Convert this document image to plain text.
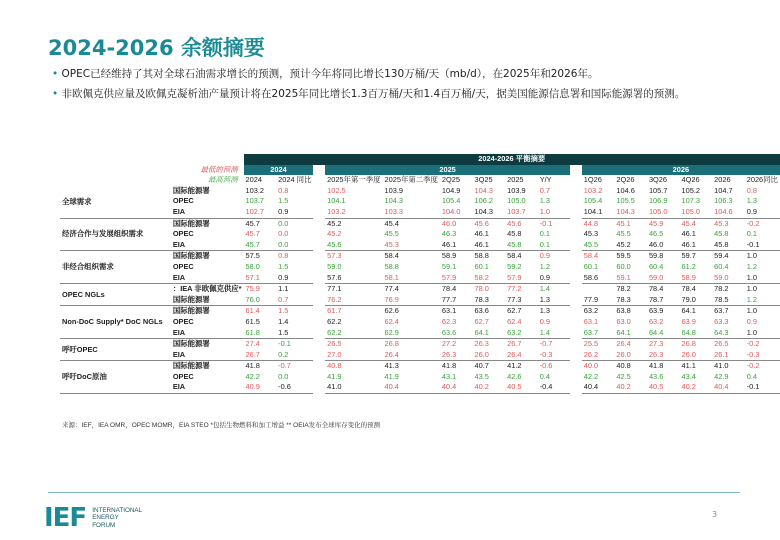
2024-2026 余额摘要
• OPEC已经维持了其对全球石油需求增长的预测，预计今年将同比增长130万桶/天（mb/d），在2025年和2026年。
• 非欧佩克供应量及欧佩克凝析油产量预计将在2025年同比增长1.3百万桶/天和1.4百万桶/天，据美国能源信息署和国际能源署的预测。
		2024-2026 平衡摘要															
最低的预测		2024			2025							2026					
最高预测		2024	2024 同比		2025年第一季度	2025年第二季度	2Q25	3Q25	2025	Y/Y		1Q26	2Q26	3Q26	4Q26	2026	2026同比
全球需求	国际能源署	103.2	0.8		102.5	103.9	104.9	104.3	103.9	0.7		103.2	104.6	105.7	105.2	104.7	0.8
	OPEC	103.7	1.5		104.1	104.3	105.4	106.2	105.0	1.3		105.4	105.5	106.9	107.3	106.3	1.3
	EIA	102.7	0.9		103.2	103.3	104.0	104.3	103.7	1.0		104.1	104.3	105.0	105.0	104.6	0.9
经济合作与发展组织需求	国际能源署	45.7	0.0		45.2	45.4	46.0	45.6	45.6	-0.1		44.8	45.1	45.9	45.4	45.3	-0.2
	OPEC	45.7	0.0		45.2	45.5	46.3	46.1	45.8	0.1		45.3	45.5	46.5	46.1	45.8	0.1
	EIA	45.7	0.0		45.6	45.3	46.1	46.1	45.8	0.1		45.5	45.2	46.0	46.1	45.8	-0.1
非经合组织需求	国际能源署	57.5	0.8		57.3	58.4	58.9	58.8	58.4	0.9		58.4	59.5	59.8	59.7	59.4	1.0
	OPEC	58.0	1.5		59.0	58.8	59.1	60.1	59.2	1.2		60.1	60.0	60.4	61.2	60.4	1.2
	EIA	57.1	0.9		57.6	58.1	57.9	58.2	57.9	0.9		58.6	59.1	59.0	58.9	59.0	1.0
OPEC NGLs	：IEA 非欧佩克供应*	75.9	1.1		77.1	77.4	78.4	78.0	77.2	1.4			78.2	78.4	78.4	78.2	1.0
	国际能源署	76.0	0.7		76.2	76.9	77.7	78.3	77.3	1.3		77.9	78.3	78.7	79.0	78.5	1.2
Non-DoC Supply* DoC NGLs	国际能源署	61.4	1.5		61.7	62.6	63.1	63.6	62.7	1.3		63.2	63.8	63.9	64.1	63.7	1.0
	OPEC	61.5	1.4		62.2	62.4	62.3	62.7	62.4	0.9		63.1	63.0	63.2	63.9	63.3	0.9
	EIA	61.8	1.5		62.2	62.9	63.6	64.1	63.2	1.4		63.7	64.1	64.4	64.8	64.3	1.0
呼吁OPEC	国际能源署	27.4	-0.1		26.5	26.8	27.2	26.3	26.7	-0.7		25.5	26.4	27.3	26.8	26.5	-0.2
	EIA	26.7	0.2		27.0	26.4	26.3	26.0	26.4	-0.3		26.2	26.0	26.3	26.0	26.1	-0.3
呼吁DoC原油	国际能源署	41.8	-0.7		40.8	41.3	41.8	40.7	41.2	-0.6		40.0	40.8	41.8	41.1	41.0	-0.2
	OPEC	42.2	0.0		41.9	41.9	43.1	43.5	42.6	0.4		42.2	42.5	43.6	43.4	42.9	0.4
	EIA	40.9	-0.6		41.0	40.4	40.4	40.2	40.5	-0.4		40.4	40.2	40.5	40.2	40.4	-0.1
来源：IEF，IEA OMR，OPEC MOMR，EIA STEO *包括生物燃料和加工增益 ** OEIA发布全球库存变化的预测
IEF INTERNATIONAL
ENERGY
FORUM
3
